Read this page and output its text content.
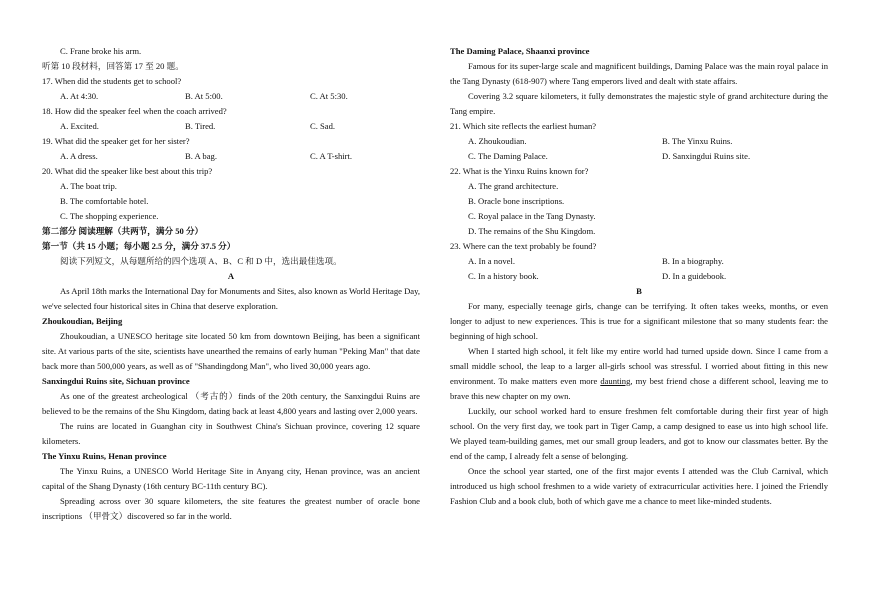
C. Frane broke his arm.
听第 10 段材料，回答第 17 至 20 题。
17. When did the students get to school?
A. At 4:30.	B. At 5:00.	C. At 5:30.
18. How did the speaker feel when the coach arrived?
A. Excited.	B. Tired.	C. Sad.
19. What did the speaker get for her sister?
A. A dress.	B. A bag.	C. A T-shirt.
20. What did the speaker like best about this trip?
A. The boat trip.
B. The comfortable hotel.
C. The shopping experience.
第二部分 阅读理解（共两节，满分 50 分）
第一节（共 15 小题；每小题 2.5 分，满分 37.5 分）
阅读下列短文，从每题所给的四个选项 A、B、C 和 D 中，选出最佳选项。
A
As April 18th marks the International Day for Monuments and Sites, also known as World Heritage Day, we've selected four historical sites in China that deserve exploration.
Zhoukoudian, Beijing
Zhoukoudian, a UNESCO heritage site located 50 km from downtown Beijing, has been a significant site. At various parts of the site, scientists have unearthed the remains of early human "Peking Man" that date back more than 500,000 years, as well as of "Shandingdong Man", who lived 30,000 years ago.
Sanxingdui Ruins site, Sichuan province
As one of the greatest archeological （考古的）finds of the 20th century, the Sanxingdui Ruins are believed to be the remains of the Shu Kingdom, dating back at least 4,800 years and lasting over 2,000 years.
The ruins are located in Guanghan city in Southwest China's Sichuan province, covering 12 square kilometers.
The Yinxu Ruins, Henan province
The Yinxu Ruins, a UNESCO World Heritage Site in Anyang city, Henan province, was an ancient capital of the Shang Dynasty (16th century BC-11th century BC).
Spreading across over 30 square kilometers, the site features the greatest number of oracle bone inscriptions （甲骨文）discovered so far in the world.
The Daming Palace, Shaanxi province
Famous for its super-large scale and magnificent buildings, Daming Palace was the main royal palace in the Tang Dynasty (618-907) where Tang emperors lived and dealt with state affairs.
Covering 3.2 square kilometers, it fully demonstrates the majestic style of grand architecture during the Tang empire.
21. Which site reflects the earliest human?
A. Zhoukoudian.	B. The Yinxu Ruins.
C. The Daming Palace.	D. Sanxingdui Ruins site.
22. What is the Yinxu Ruins known for?
A. The grand architecture.
B. Oracle bone inscriptions.
C. Royal palace in the Tang Dynasty.
D. The remains of the Shu Kingdom.
23. Where can the text probably be found?
A. In a novel.	B. In a biography.
C. In a history book.	D. In a guidebook.
B
For many, especially teenage girls, change can be terrifying. It often takes weeks, months, or even longer to adjust to new experiences. This is true for a significant milestone that so many students fear: the beginning of high school.
When I started high school, it felt like my entire world had turned upside down. Since I came from a small middle school, the leap to a larger all-girls school was stressful. I worried about fitting in this new environment. To make matters even more daunting, my best friend chose a different school, leaving me to brave this new chapter on my own.
Luckily, our school worked hard to ensure freshmen felt comfortable during their first year of high school. On the very first day, we took part in Tiger Camp, a camp designed to ease us into high school life. We played team-building games, met our small group leaders, and got to know our classmates better. By the end of the camp, I already felt a sense of belonging.
Once the school year started, one of the first major events I attended was the Club Carnival, which introduced us high school freshmen to a wide variety of extracurricular activities here. I joined the Friendly Fashion Club and a book club, both of which gave me a chance to meet like-minded students.
